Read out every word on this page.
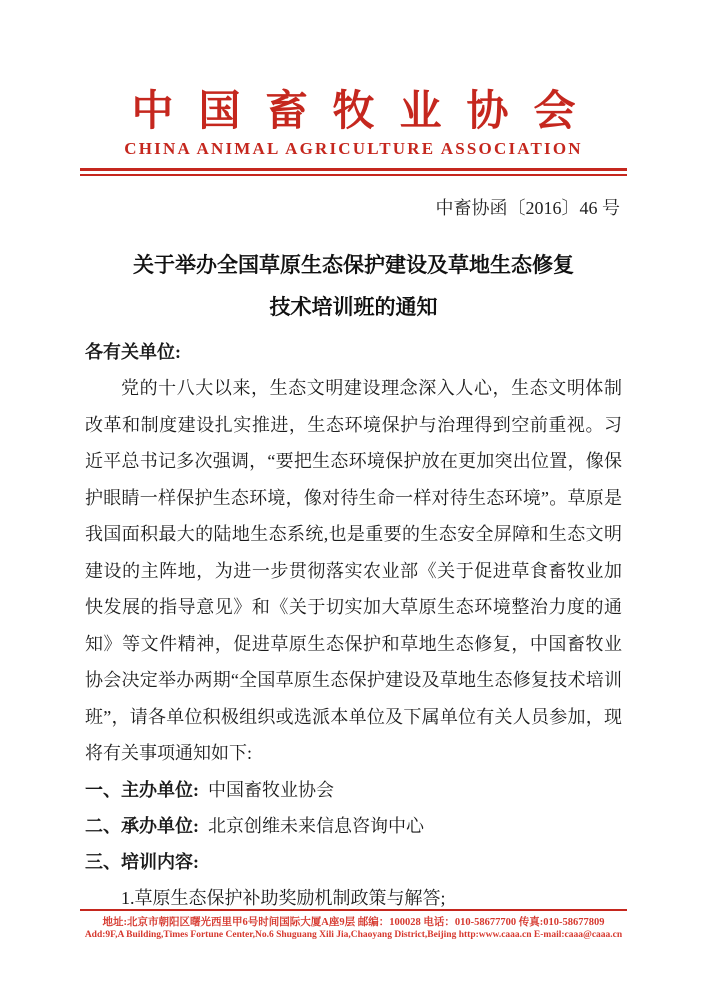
中国畜牧业协会
CHINA ANIMAL AGRICULTURE ASSOCIATION
中畜协函〔2016〕46 号
关于举办全国草原生态保护建设及草地生态修复
技术培训班的通知
各有关单位:

党的十八大以来，生态文明建设理念深入人心，生态文明体制改革和制度建设扎实推进，生态环境保护与治理得到空前重视。习近平总书记多次强调，“要把生态环境保护放在更加突出位置，像保护眼睛一样保护生态环境，像对待生命一样对待生态环境”。草原是我国面积最大的陆地生态系统,也是重要的生态安全屏障和生态文明建设的主阵地，为进一步贯彻落实农业部《关于促进草食畜牧业加快发展的指导意见》和《关于切实加大草原生态环境整治力度的通知》等文件精神，促进草原生态保护和草地生态修复，中国畜牧业协会决定举办两期“全国草原生态保护建设及草地生态修复技术培训班”，请各单位积极组织或选派本单位及下属单位有关人员参加，现将有关事项通知如下:

一、主办单位: 中国畜牧业协会
二、承办单位: 北京创维未来信息咨询中心
三、培训内容:
1.草原生态保护补助奖励机制政策与解答;
地址:北京市朝阳区曙光西里甲6号时间国际大厦A座9层 邮编：100028 电话：010-58677700 传真:010-58677809
Add:9F,A Building,Times Fortune Center,No.6 Shuguang Xili Jia,Chaoyang District,Beijing http:www.caaa.cn E-mail:caaa@caaa.cn
